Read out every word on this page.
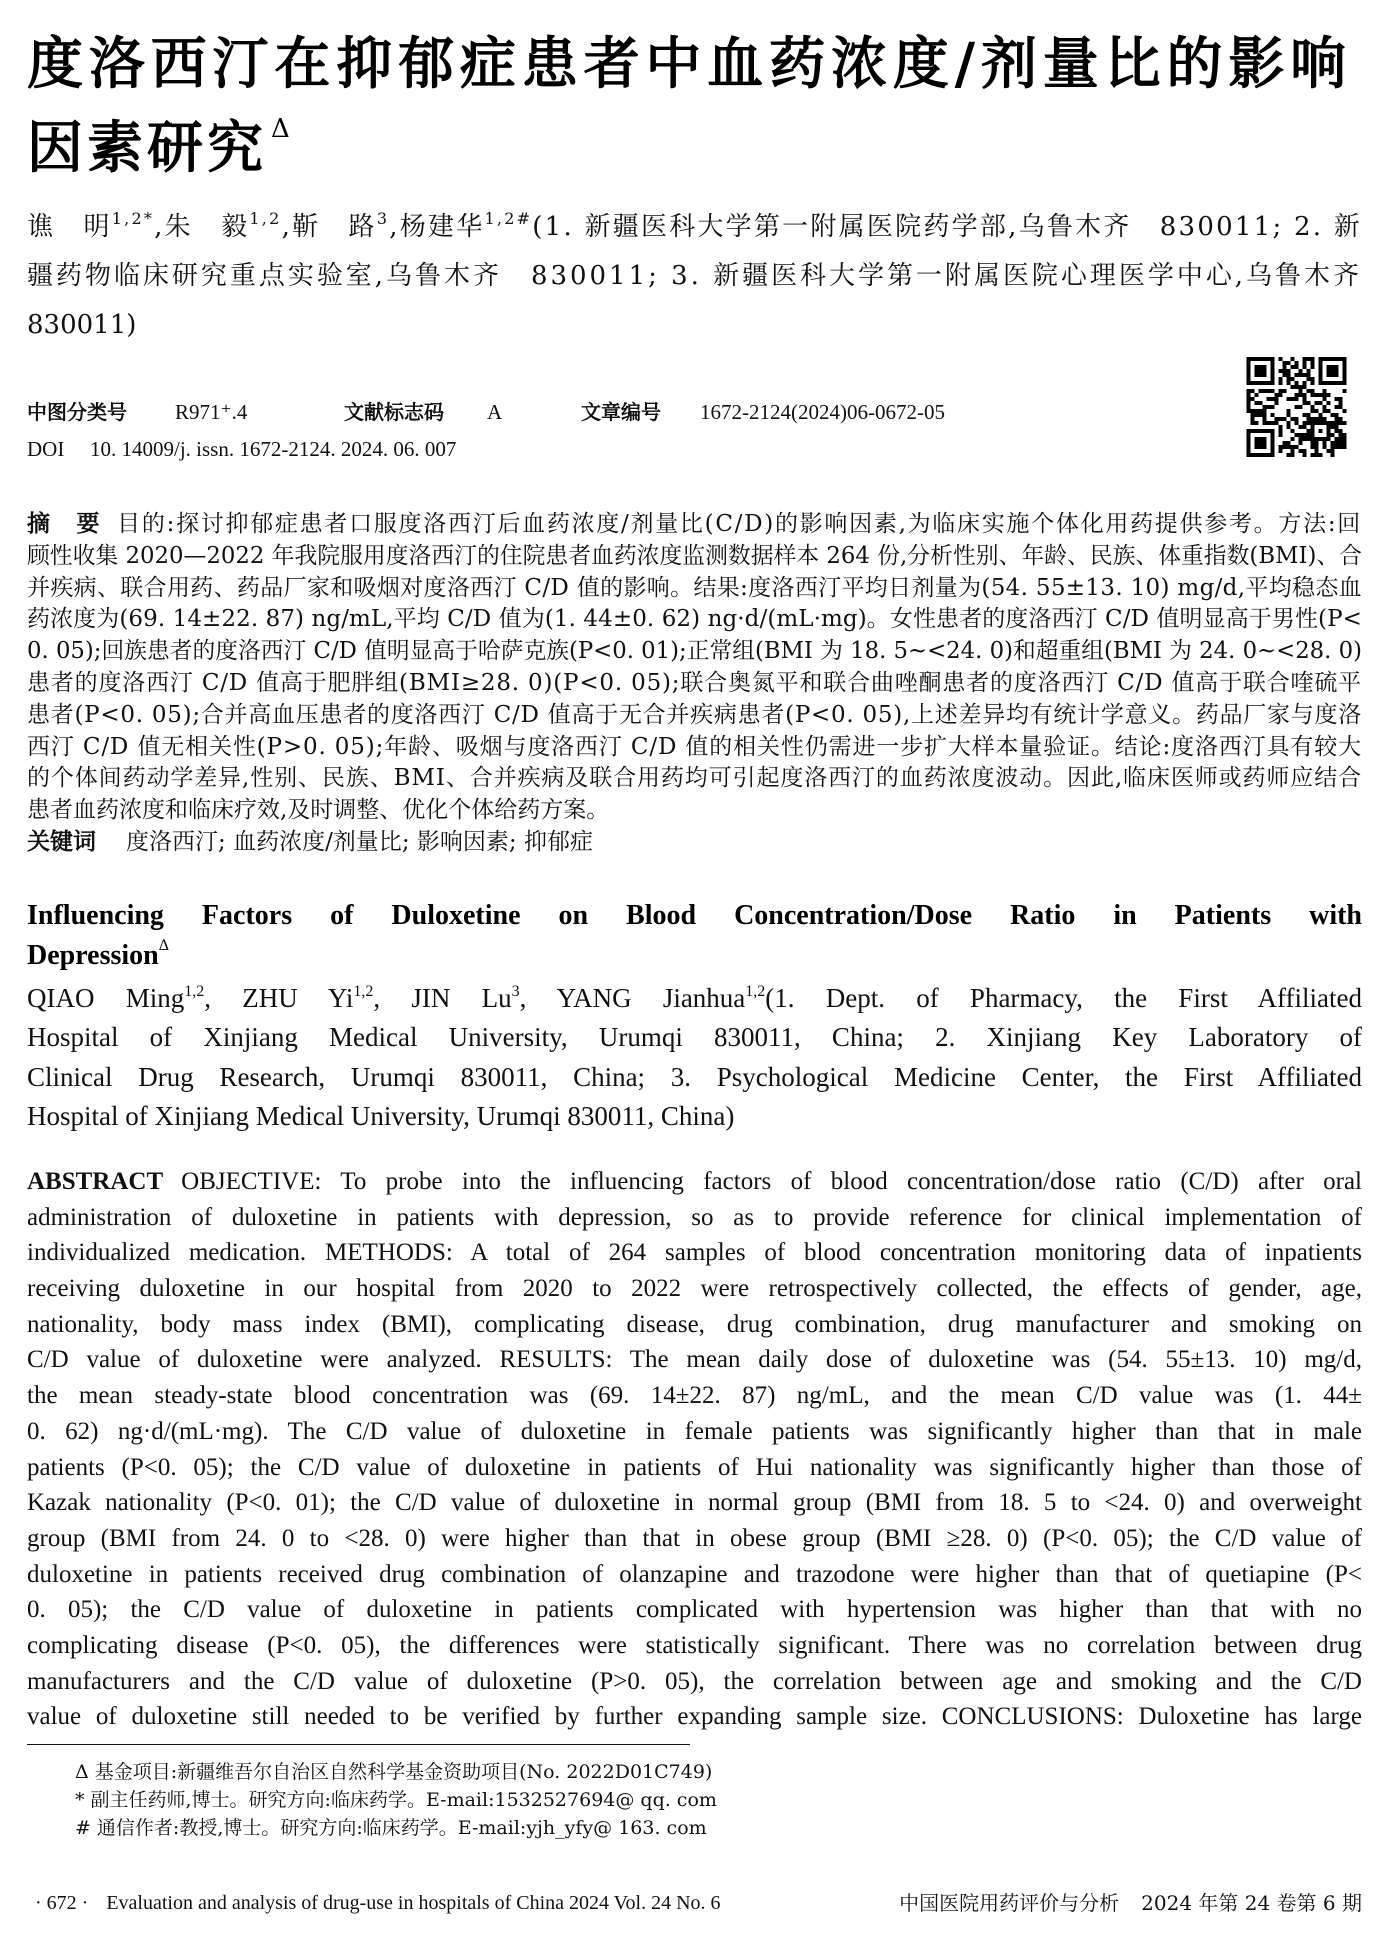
度洛西汀在抑郁症患者中血药浓度/剂量比的影响
因素研究 $^\Delta$
谯　明$^{1,2*}$,朱　毅$^{1,2}$,靳　路$^3$,杨建华$^{1,2\#}$(1. 新疆医科大学第一附属医院药学部,乌鲁木齐　830011; 2. 新
疆药物临床研究重点实验室,乌鲁木齐　830011; 3. 新疆医科大学第一附属医院心理医学中心,乌鲁木齐
830011)
中图分类号 R971⁺.4	文献标志码 A	文章编号 1672-2124(2024)06-0672-05
DOI 10. 14009/j. issn. 1672-2124. 2024. 06. 007
摘　要 目的:探讨抑郁症患者口服度洛西汀后血药浓度/剂量比(C/D)的影响因素,为临床实施个体化用药提供参考。方法:回
顾性收集 2020—2022 年我院服用度洛西汀的住院患者血药浓度监测数据样本 264 份,分析性别、年龄、民族、体重指数(BMI)、合
并疾病、联合用药、药品厂家和吸烟对度洛西汀 C/D 值的影响。结果:度洛西汀平均日剂量为(54. 55±13. 10) mg/d,平均稳态血
药浓度为(69. 14±22. 87) ng/mL,平均 C/D 值为(1. 44±0. 62) ng·d/(mL·mg)。女性患者的度洛西汀 C/D 值明显高于男性(P<
0. 05);回族患者的度洛西汀 C/D 值明显高于哈萨克族(P<0. 01);正常组(BMI 为 18. 5~<24. 0)和超重组(BMI 为 24. 0~<28. 0)
患者的度洛西汀 C/D 值高于肥胖组(BMI≥28. 0)(P<0. 05);联合奥氮平和联合曲唑酮患者的度洛西汀 C/D 值高于联合喹硫平
患者(P<0. 05);合并高血压患者的度洛西汀 C/D 值高于无合并疾病患者(P<0. 05),上述差异均有统计学意义。药品厂家与度洛
西汀 C/D 值无相关性(P>0. 05);年龄、吸烟与度洛西汀 C/D 值的相关性仍需进一步扩大样本量验证。结论:度洛西汀具有较大
的个体间药动学差异,性别、民族、BMI、合并疾病及联合用药均可引起度洛西汀的血药浓度波动。因此,临床医师或药师应结合
患者血药浓度和临床疗效,及时调整、优化个体给药方案。
关键词 度洛西汀; 血药浓度/剂量比; 影响因素; 抑郁症
Influencing Factors of Duloxetine on Blood Concentration/Dose Ratio in Patients with
Depression$^\Delta$
QIAO Ming$^{1,2}$, ZHU Yi$^{1,2}$, JIN Lu$^3$, YANG Jianhua$^{1,2}$(1. Dept. of Pharmacy, the First Affiliated
Hospital of Xinjiang Medical University, Urumqi 830011, China; 2. Xinjiang Key Laboratory of
Clinical Drug Research, Urumqi 830011, China; 3. Psychological Medicine Center, the First Affiliated
Hospital of Xinjiang Medical University, Urumqi 830011, China)
ABSTRACT OBJECTIVE: To probe into the influencing factors of blood concentration/dose ratio (C/D) after oral
administration of duloxetine in patients with depression, so as to provide reference for clinical implementation of
individualized medication. METHODS: A total of 264 samples of blood concentration monitoring data of inpatients
receiving duloxetine in our hospital from 2020 to 2022 were retrospectively collected, the effects of gender, age,
nationality, body mass index (BMI), complicating disease, drug combination, drug manufacturer and smoking on
C/D value of duloxetine were analyzed. RESULTS: The mean daily dose of duloxetine was (54. 55±13. 10) mg/d,
the mean steady-state blood concentration was (69. 14±22. 87) ng/mL, and the mean C/D value was (1. 44±
0. 62) ng·d/(mL·mg). The C/D value of duloxetine in female patients was significantly higher than that in male
patients (P<0. 05); the C/D value of duloxetine in patients of Hui nationality was significantly higher than those of
Kazak nationality (P<0. 01); the C/D value of duloxetine in normal group (BMI from 18. 5 to <24. 0) and overweight
group (BMI from 24. 0 to <28. 0) were higher than that in obese group (BMI ≥28. 0) (P<0. 05); the C/D value of
duloxetine in patients received drug combination of olanzapine and trazodone were higher than that of quetiapine (P<
0. 05); the C/D value of duloxetine in patients complicated with hypertension was higher than that with no
complicating disease (P<0. 05), the differences were statistically significant. There was no correlation between drug
manufacturers and the C/D value of duloxetine (P>0. 05), the correlation between age and smoking and the C/D
value of duloxetine still needed to be verified by further expanding sample size. CONCLUSIONS: Duloxetine has large
Δ 基金项目:新疆维吾尔自治区自然科学基金资助项目(No. 2022D01C749)
* 副主任药师,博士。研究方向:临床药学。E-mail:1532527694@ qq. com
# 通信作者:教授,博士。研究方向:临床药学。E-mail:yjh_yfy@ 163. com
· 672 · Evaluation and analysis of drug-use in hospitals of China 2024 Vol. 24 No. 6	中国医院用药评价与分析 2024 年第 24 卷第 6 期
